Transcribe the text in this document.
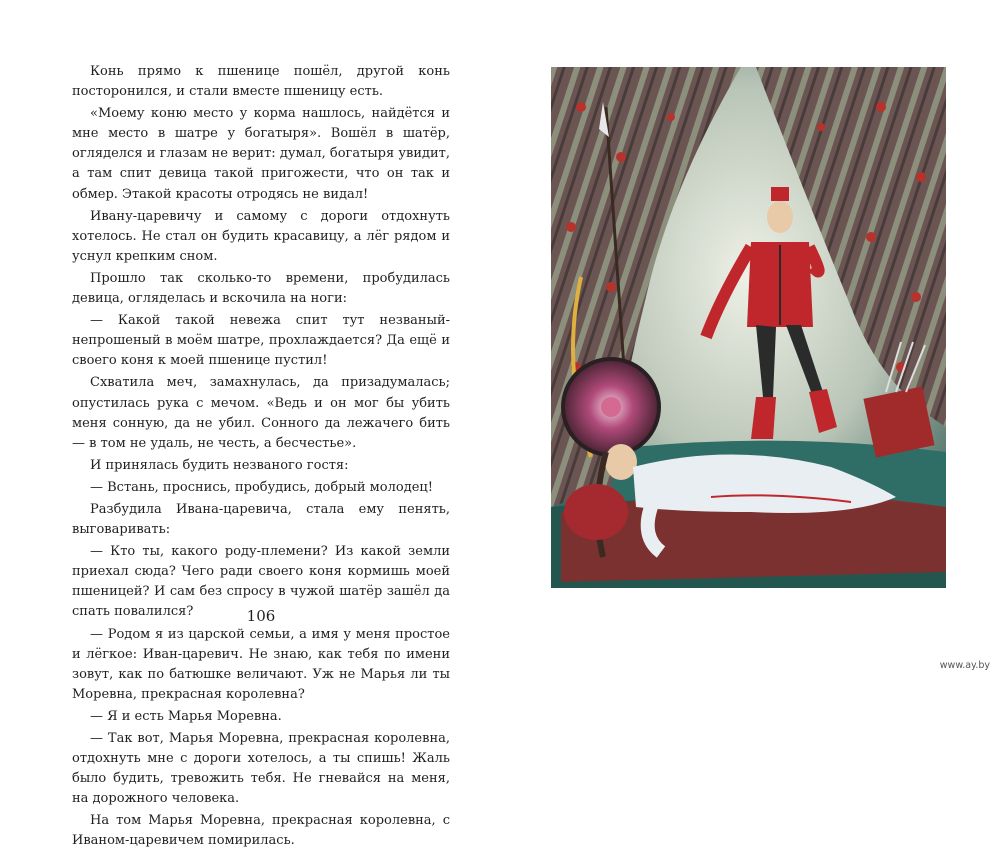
Конь прямо к пшенице пошёл, другой конь посторонился, и стали вместе пшеницу есть.

«Моему коню место у корма нашлось, найдётся и мне место в шатре у богатыря». Вошёл в шатёр, огляделся и глазам не верит: думал, богатыря увидит, а там спит девица такой пригожести, что он так и обмер. Этакой красоты отродясь не видал!

Ивану-царевичу и самому с дороги отдохнуть хотелось. Не стал он будить красавицу, а лёг рядом и уснул крепким сном.

Прошло так сколько-то времени, пробудилась девица, огляделась и вскочила на ноги:

— Какой такой невежа спит тут незваный-непрошеный в моём шатре, прохлаждается? Да ещё и своего коня к моей пшенице пустил!

Схватила меч, замахнулась, да призадумалась; опустилась рука с мечом. «Ведь и он мог бы убить меня сонную, да не убил. Сонного да лежачего бить — в том не удаль, не честь, а бесчестье».

И принялась будить незваного гостя:

— Встань, проснись, пробудись, добрый молодец!

Разбудила Ивана-царевича, стала ему пенять, выговаривать:

— Кто ты, какого роду-племени? Из какой земли приехал сюда? Чего ради своего коня кормишь моей пшеницей? И сам без спросу в чужой шатёр зашёл да спать повалился?

— Родом я из царской семьи, а имя у меня простое и лёгкое: Иван-царевич. Не знаю, как тебя по имени зовут, как по батюшке величают. Уж не Марья ли ты Моревна, прекрасная королевна?

— Я и есть Марья Моревна.

— Так вот, Марья Моревна, прекрасная королевна, отдохнуть мне с дороги хотелось, а ты спишь! Жаль было будить, тревожить тебя. Не гневайся на меня, на дорожного человека.

На том Марья Моревна, прекрасная королевна, с Иваном-царевичем помирилась.

106
www.ay.by
